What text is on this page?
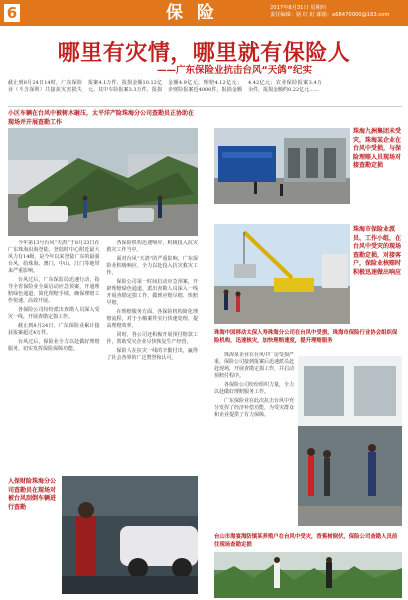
6	保险	2017年8月31日 星期四
责任编辑：骆 红 虹 邮箱：a68470000@163.com
哪里有灾情，哪里就有保险人
——广东保险业抗击台风“天鸽”纪实
截止到8月24日14时，广东保险业（不含深圳）共接获灾害损失报案4.1万件，报损金额10.12亿元。其中车险报案3.3万件，报损金额4.9亿元，理赔4.12亿元；企财险报案近4000件，报损金额4.42亿元；农业保险报案3.4万余件，报损金额约0.22亿元……
小区车辆在台风中被树木砸压，太平洋产险珠海分公司查勘员正协助在现场并开展查勘工作
珠海九洲集团未受灾，珠海某企业在台风中受损，与保险理赔人员现场对接查勘定损

今年第13号台风“天鸽”于8月23日在广东珠海沿海登陆，登陆时中心附近最大风力有14级，是今年以来登陆广东的最强台风，给珠海、澳门、中山、江门等地带来严重影响。

台风过后，广东保监局迅速行动，指导全省保险业全面启动应急预案，开通理赔绿色通道，简化理赔手续，确保理赔工作快速、高效开展。

各保险公司纷纷派出查勘人员深入受灾一线，开展查勘定损工作。

截止到8月24日，广东保险业累计接获报案超过4万件。

台风过后，保险业全力以赴做好理赔服务，切实发挥保险保障功能。

各保险机构迅速响应，积极投入抗灾救灾工作当中。

面对台风“天鸽”的严重影响，广东保险业积极响应，全力以赴投入抗灾救灾工作。

保险公司第一时间启动应急预案，开辟理赔绿色通道，派出查勘人员深入一线开展查勘定损工作，做到应赔尽赔、快赔早赔。

在理赔服务方面，各保险机构简化理赔流程，对于小额案件实行快速处理，提高理赔效率。

同时，各公司还积极开展预付赔款工作，帮助受灾企业尽快恢复生产经营。

保险人在抗灾一线的辛勤付出，赢得了社会各界的广泛赞誉和认可。

珠海市保险业派员、工作小组，在台风中受灾的现场查勘定损，对接客户，保险业核赔时积极迅速做出响应
珠海中国移动太保人寿珠海分公司在台风中受损，珠海市保险行业协会组织保险机构，迅速核灾，加快理赔速度，提升理赔服务

珠海某企业在台风中厂房受损严重，保险公司接到报案后迅速派员赶赴现场，开展查勘定损工作，并启动预赔付程序。

各保险公司纷纷组织力量，全力以赴做好理赔服务工作。

广东保险业在此次抗击台风中充分发挥了经济补偿功能，为受灾群众和企业提供了有力保障。

人保财险珠海分公司查勘员在现场对被台风刮倒车辆进行查勘
台山市海宴海防镇某养殖户在台风中受灾，香蕉树倒伏，保险公司查勘人员前往现场查勘定损
